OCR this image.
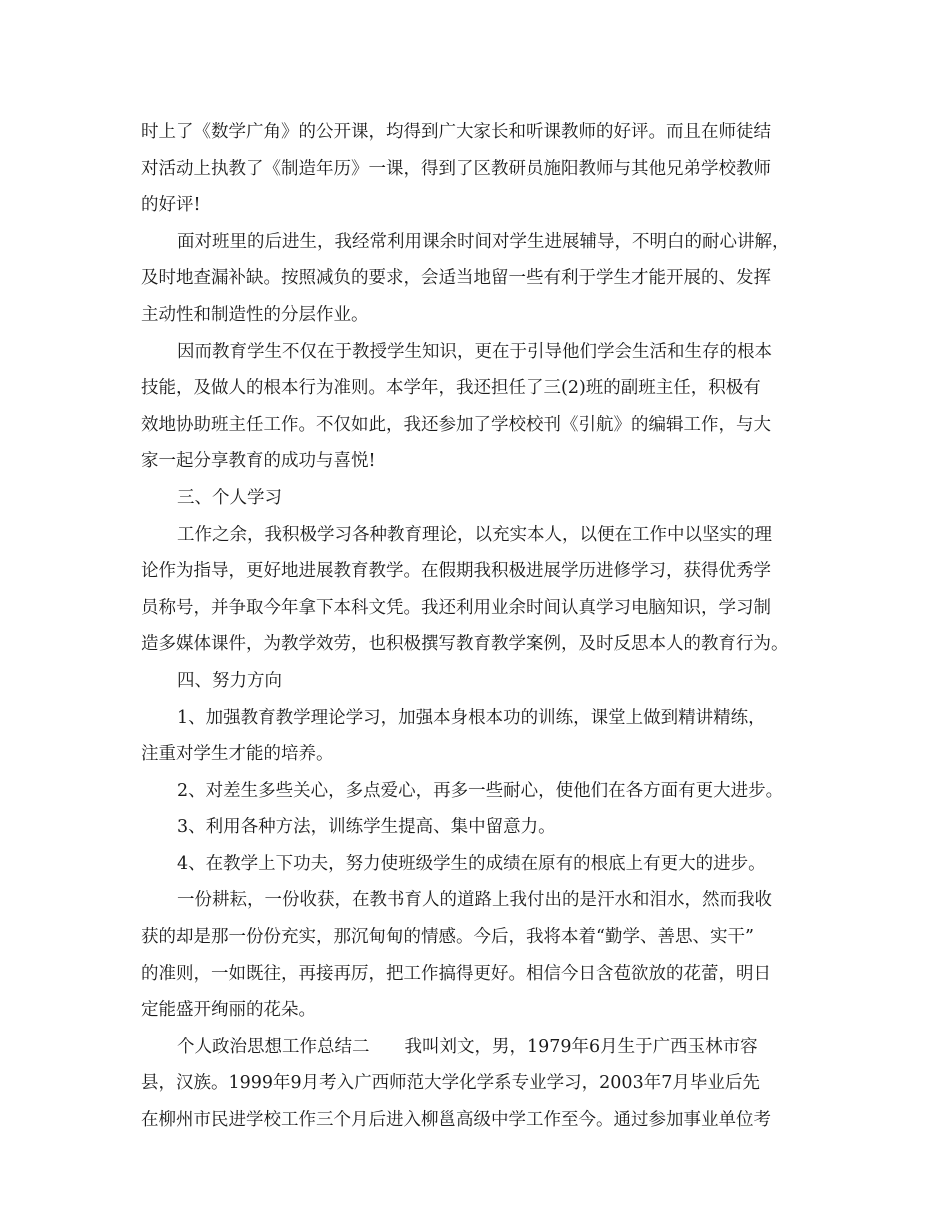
时上了《数学广角》的公开课，均得到广大家长和听课教师的好评。而且在师徒结
对活动上执教了《制造年历》一课，得到了区教研员施阳教师与其他兄弟学校教师
的好评!
面对班里的后进生，我经常利用课余时间对学生进展辅导，不明白的耐心讲解，
及时地查漏补缺。按照减负的要求，会适当地留一些有利于学生才能开展的、发挥
主动性和制造性的分层作业。
因而教育学生不仅在于教授学生知识，更在于引导他们学会生活和生存的根本
技能，及做人的根本行为准则。本学年，我还担任了三(2)班的副班主任，积极有
效地协助班主任工作。不仅如此，我还参加了学校校刊《引航》的编辑工作，与大
家一起分享教育的成功与喜悦!
三、个人学习
工作之余，我积极学习各种教育理论，以充实本人，以便在工作中以坚实的理
论作为指导，更好地进展教育教学。在假期我积极进展学历进修学习，获得优秀学
员称号，并争取今年拿下本科文凭。我还利用业余时间认真学习电脑知识，学习制
造多媒体课件，为教学效劳，也积极撰写教育教学案例，及时反思本人的教育行为。
四、努力方向
1、加强教育教学理论学习，加强本身根本功的训练，课堂上做到精讲精练，
注重对学生才能的培养。
2、对差生多些关心，多点爱心，再多一些耐心，使他们在各方面有更大进步。
3、利用各种方法，训练学生提高、集中留意力。
4、在教学上下功夫，努力使班级学生的成绩在原有的根底上有更大的进步。
一份耕耘，一份收获，在教书育人的道路上我付出的是汗水和泪水，然而我收
获的却是那一份份充实，那沉甸甸的情感。今后，我将本着“勤学、善思、实干”
的准则，一如既往，再接再厉，把工作搞得更好。相信今日含苞欲放的花蕾，明日
定能盛开绚丽的花朵。
个人政治思想工作总结二　　我叫刘文，男，1979年6月生于广西玉林市容
县，汉族。1999年9月考入广西师范大学化学系专业学习，2003年7月毕业后先
在柳州市民进学校工作三个月后进入柳邕高级中学工作至今。通过参加事业单位考
